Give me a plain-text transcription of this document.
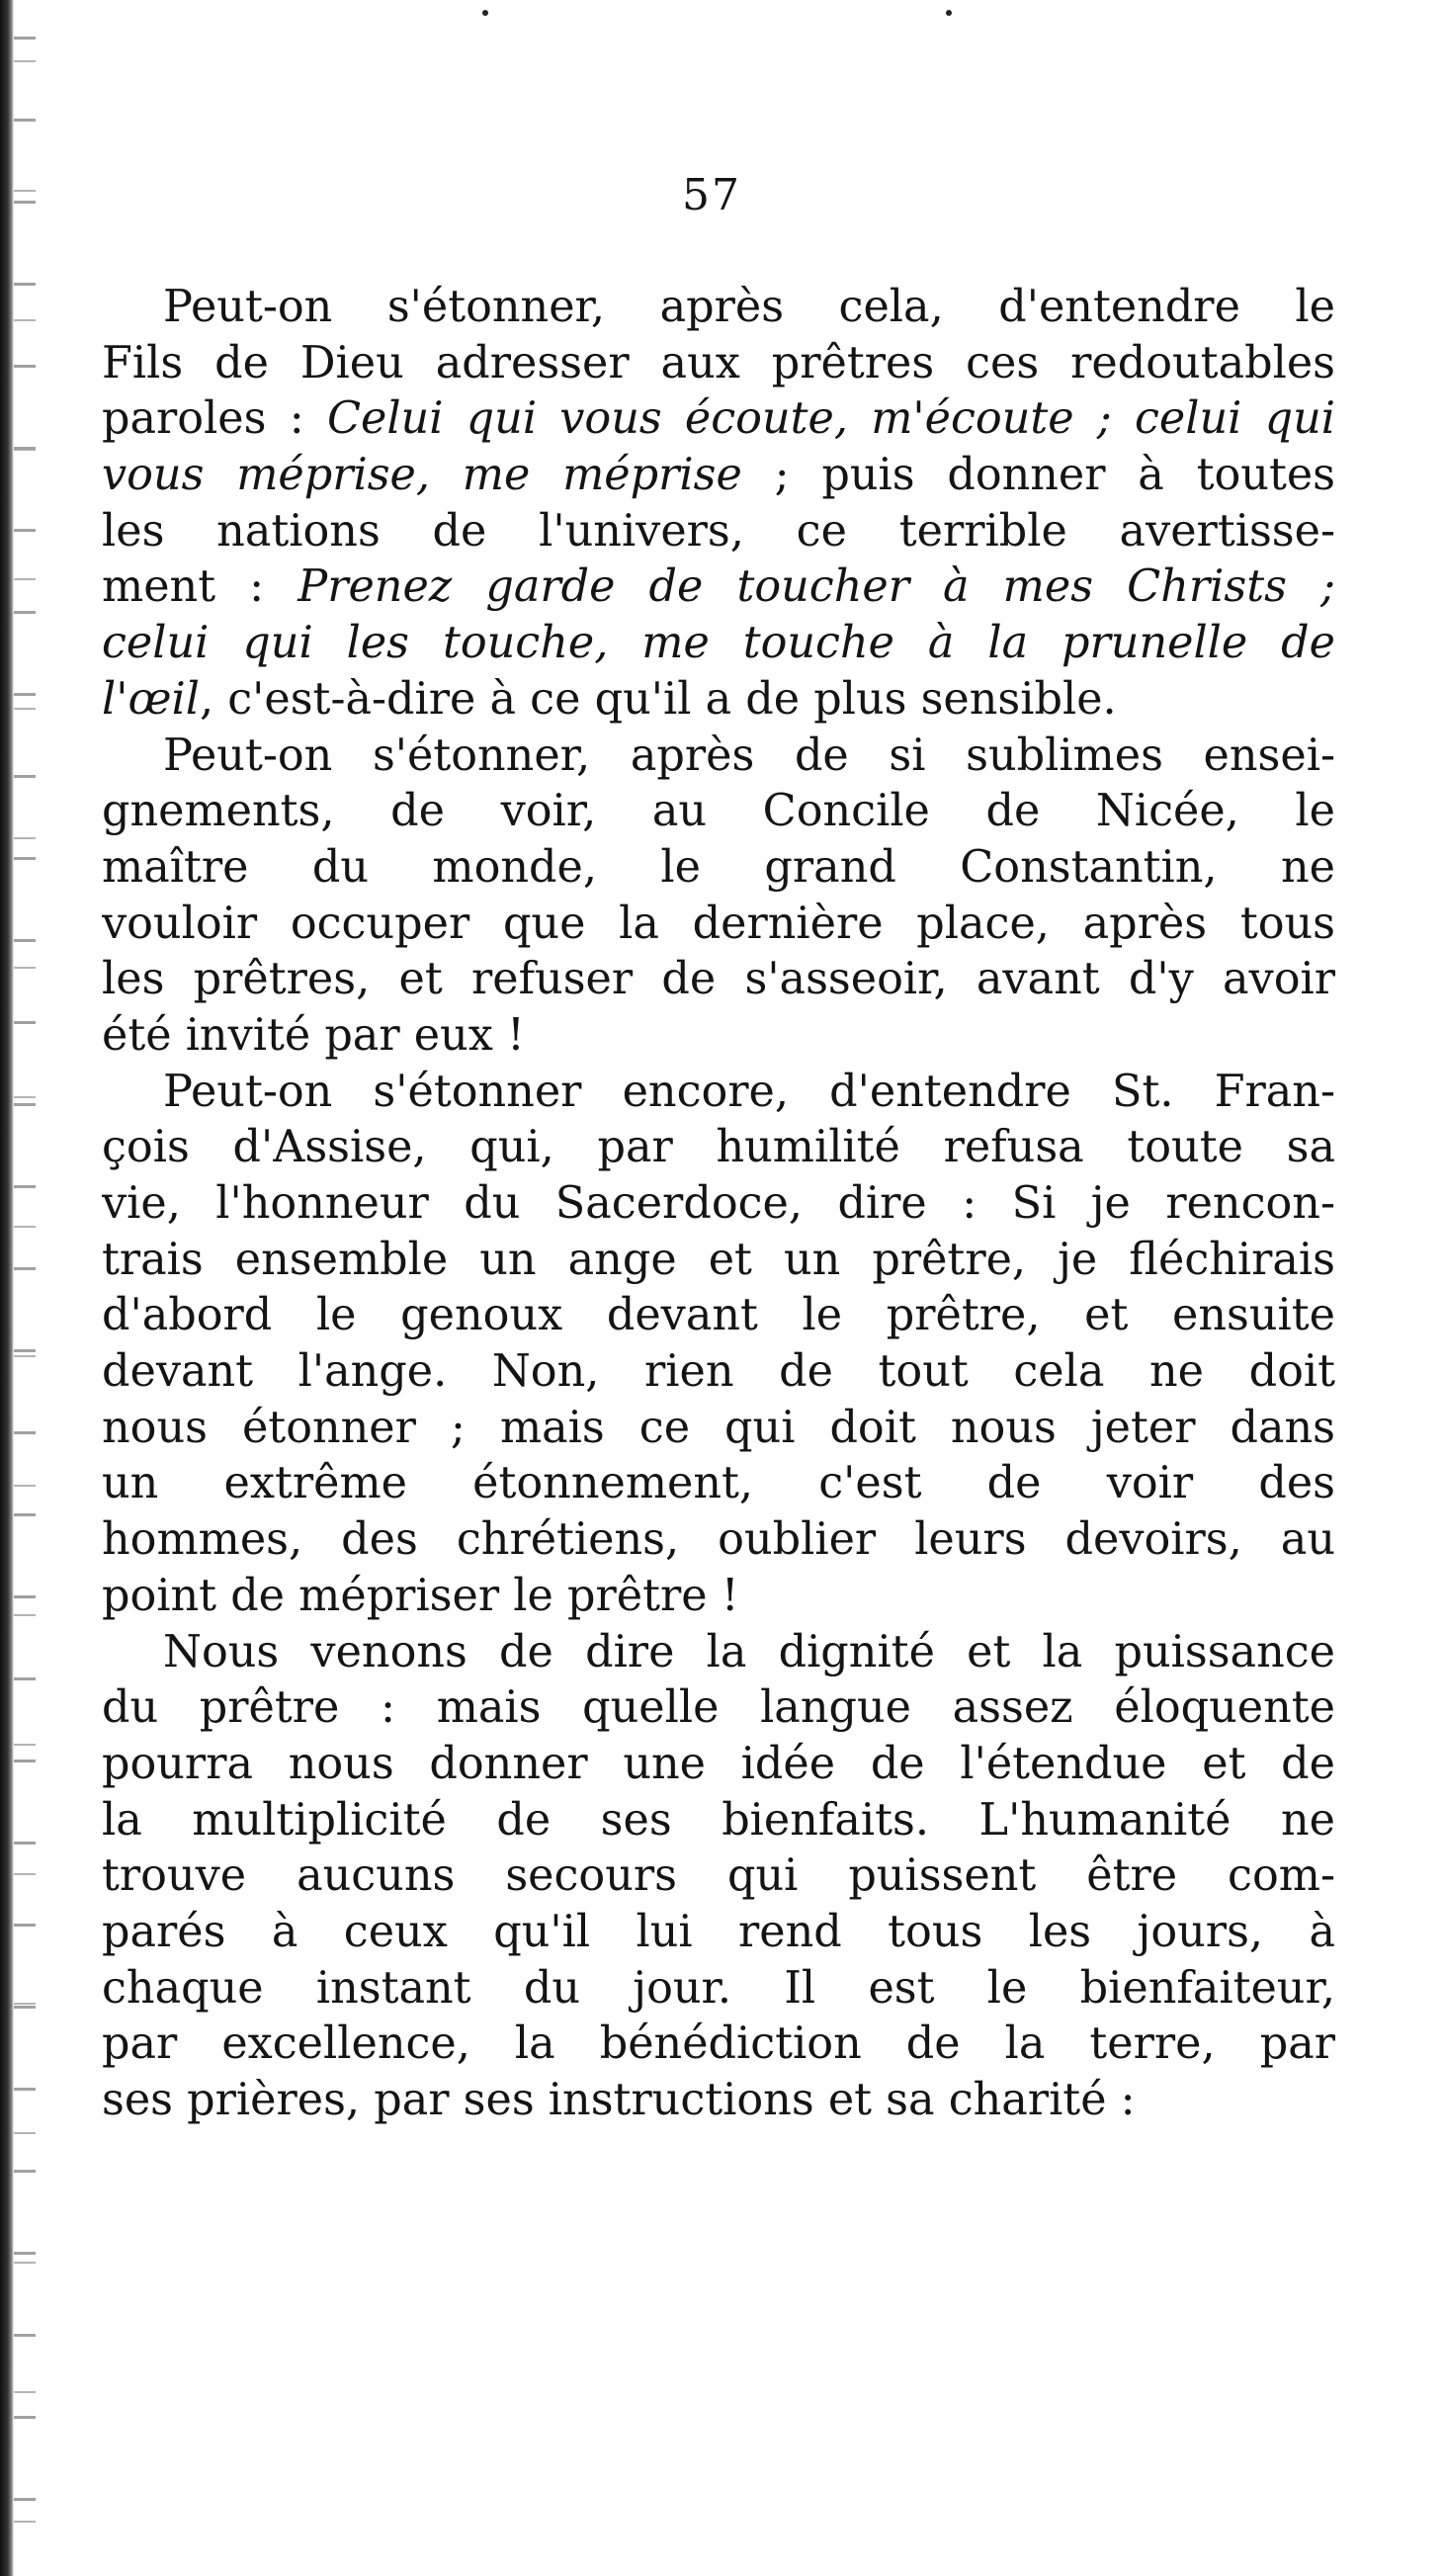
57
Peut-on s'étonner, après cela, d'entendre le
Fils de Dieu adresser aux prêtres ces redoutables
paroles : Celui qui vous écoute, m'écoute ; celui qui
vous méprise, me méprise ; puis donner à toutes
les nations de l'univers, ce terrible avertisse-
ment : Prenez garde de toucher à mes Christs ;
celui qui les touche, me touche à la prunelle de
l'œil, c'est-à-dire à ce qu'il a de plus sensible.
Peut-on s'étonner, après de si sublimes ensei-
gnements, de voir, au Concile de Nicée, le
maître du monde, le grand Constantin, ne
vouloir occuper que la dernière place, après tous
les prêtres, et refuser de s'asseoir, avant d'y avoir
été invité par eux !
Peut-on s'étonner encore, d'entendre St. Fran-
çois d'Assise, qui, par humilité refusa toute sa
vie, l'honneur du Sacerdoce, dire : Si je rencon-
trais ensemble un ange et un prêtre, je fléchirais
d'abord le genoux devant le prêtre, et ensuite
devant l'ange. Non, rien de tout cela ne doit
nous étonner ; mais ce qui doit nous jeter dans
un extrême étonnement, c'est de voir des
hommes, des chrétiens, oublier leurs devoirs, au
point de mépriser le prêtre !
Nous venons de dire la dignité et la puissance
du prêtre : mais quelle langue assez éloquente
pourra nous donner une idée de l'étendue et de
la multiplicité de ses bienfaits. L'humanité ne
trouve aucuns secours qui puissent être com-
parés à ceux qu'il lui rend tous les jours, à
chaque instant du jour. Il est le bienfaiteur,
par excellence, la bénédiction de la terre, par
ses prières, par ses instructions et sa charité :
